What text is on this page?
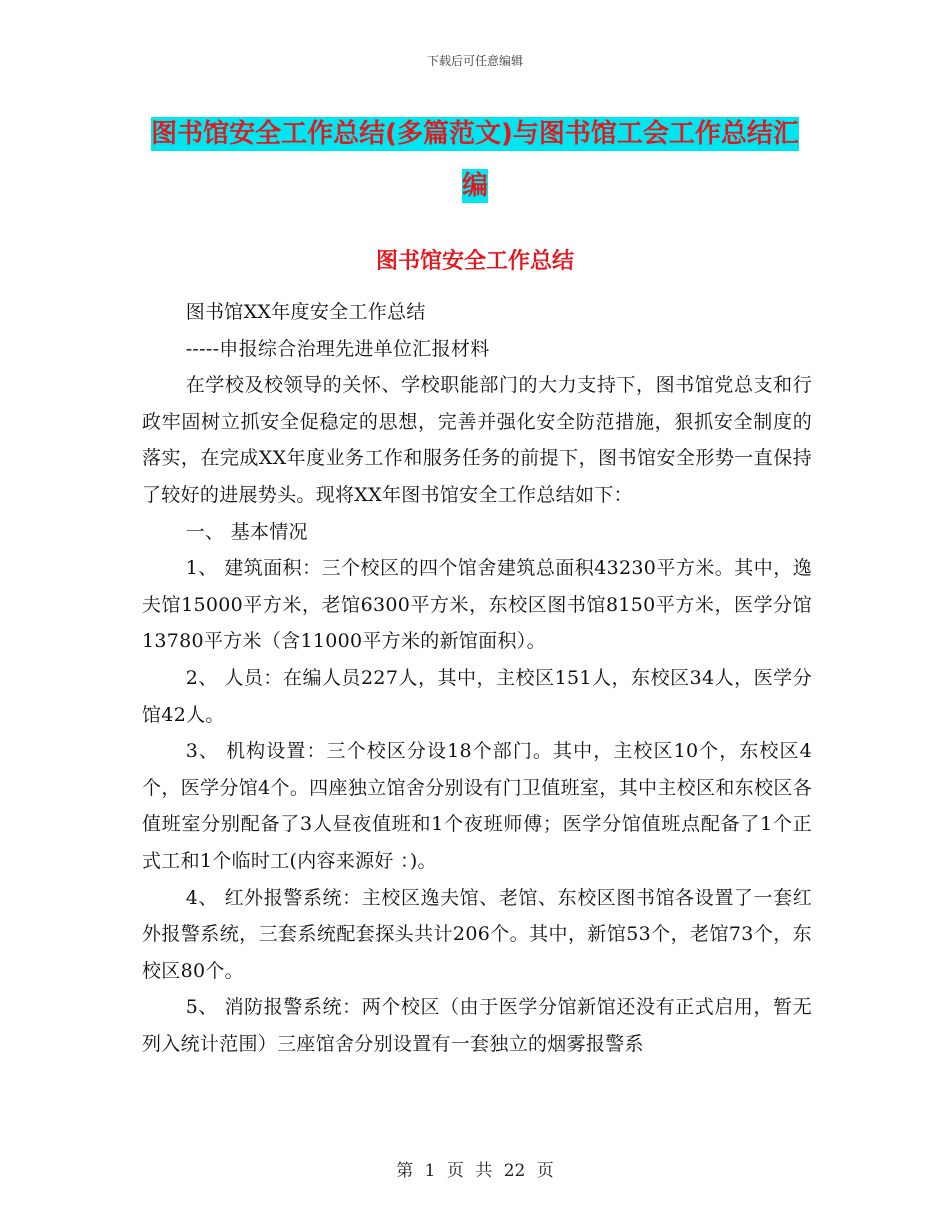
下载后可任意编辑
图书馆安全工作总结(多篇范文)与图书馆工会工作总结汇编
图书馆安全工作总结

图书馆XX年度安全工作总结

-----申报综合治理先进单位汇报材料

在学校及校领导的关怀、学校职能部门的大力支持下，图书馆党总支和行政牢固树立抓安全促稳定的思想，完善并强化安全防范措施，狠抓安全制度的落实，在完成XX年度业务工作和服务任务的前提下，图书馆安全形势一直保持了较好的进展势头。现将XX年图书馆安全工作总结如下：

一、 基本情况

1、 建筑面积：三个校区的四个馆舍建筑总面积43230平方米。其中，逸夫馆15000平方米，老馆6300平方米，东校区图书馆8150平方米，医学分馆13780平方米（含11000平方米的新馆面积）。

2、 人员：在编人员227人，其中，主校区151人，东校区34人，医学分馆42人。

3、 机构设置：三个校区分设18个部门。其中，主校区10个，东校区4个，医学分馆4个。四座独立馆舍分别设有门卫值班室，其中主校区和东校区各值班室分别配备了3人昼夜值班和1个夜班师傅；医学分馆值班点配备了1个正式工和1个临时工(内容来源好 ：)。

4、 红外报警系统：主校区逸夫馆、老馆、东校区图书馆各设置了一套红外报警系统，三套系统配套探头共计206个。其中，新馆53个，老馆73个，东校区80个。

5、 消防报警系统：两个校区（由于医学分馆新馆还没有正式启用，暂无列入统计范围）三座馆舍分别设置有一套独立的烟雾报警系

第 1 页 共 22 页
